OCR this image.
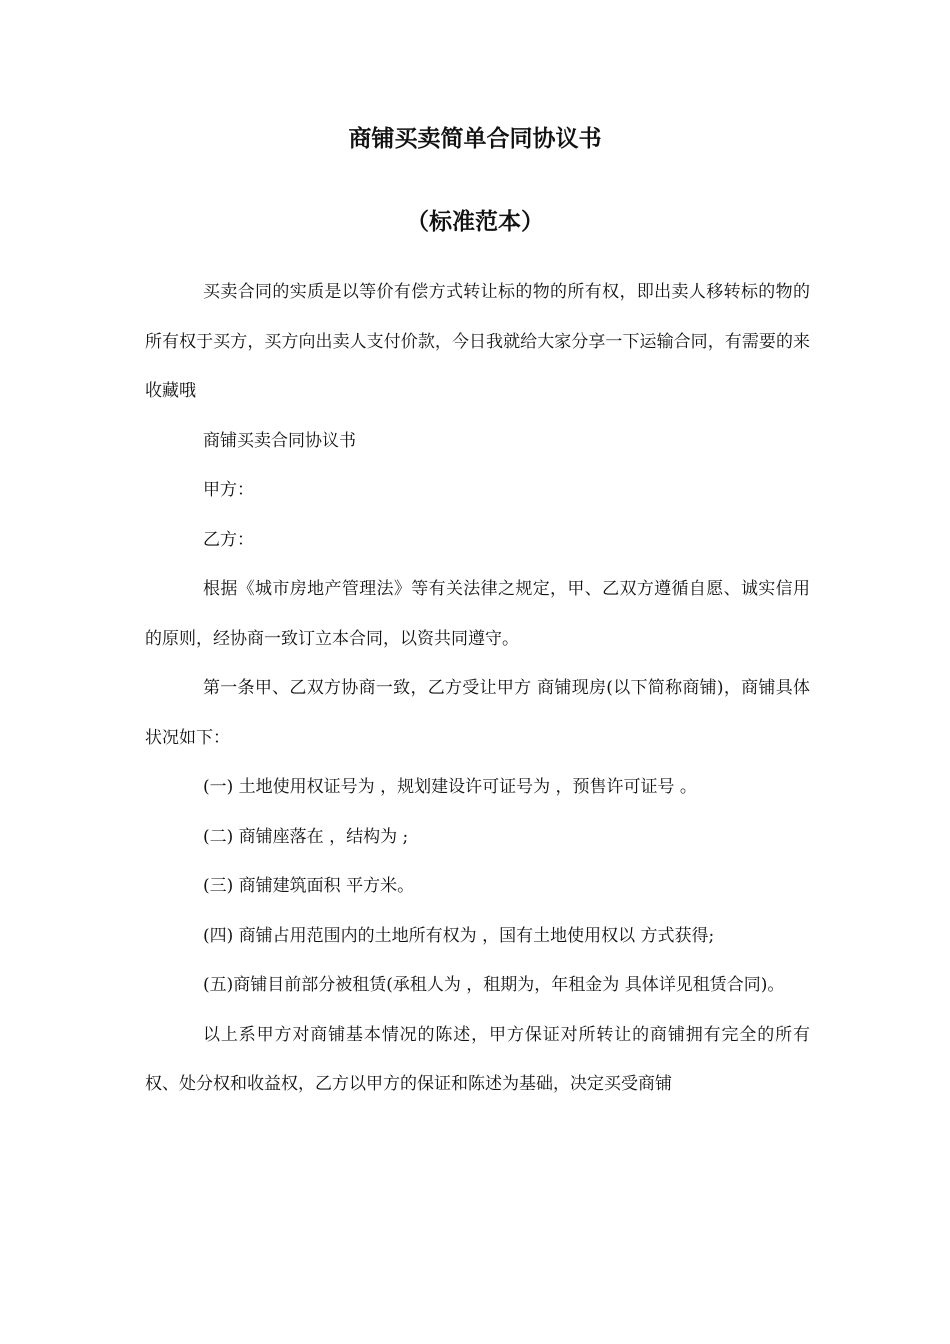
商铺买卖简单合同协议书
（标准范本）

买卖合同的实质是以等价有偿方式转让标的物的所有权，即出卖人移转标的物的所有权于买方，买方向出卖人支付价款，今日我就给大家分享一下运输合同，有需要的来收藏哦

商铺买卖合同协议书

甲方：

乙方：

根据《城市房地产管理法》等有关法律之规定，甲、乙双方遵循自愿、诚实信用的原则，经协商一致订立本合同，以资共同遵守。

第一条甲、乙双方协商一致，乙方受让甲方 商铺现房(以下简称商铺)，商铺具体状况如下：

(一) 土地使用权证号为 ，规划建设许可证号为 ，预售许可证号 。

(二) 商铺座落在 ，结构为 ;

(三) 商铺建筑面积 平方米。

(四) 商铺占用范围内的土地所有权为 ，国有土地使用权以 方式获得;

(五)商铺目前部分被租赁(承租人为 ，租期为，年租金为 具体详见租赁合同)。

以上系甲方对商铺基本情况的陈述，甲方保证对所转让的商铺拥有完全的所有权、处分权和收益权，乙方以甲方的保证和陈述为基础，决定买受商铺
